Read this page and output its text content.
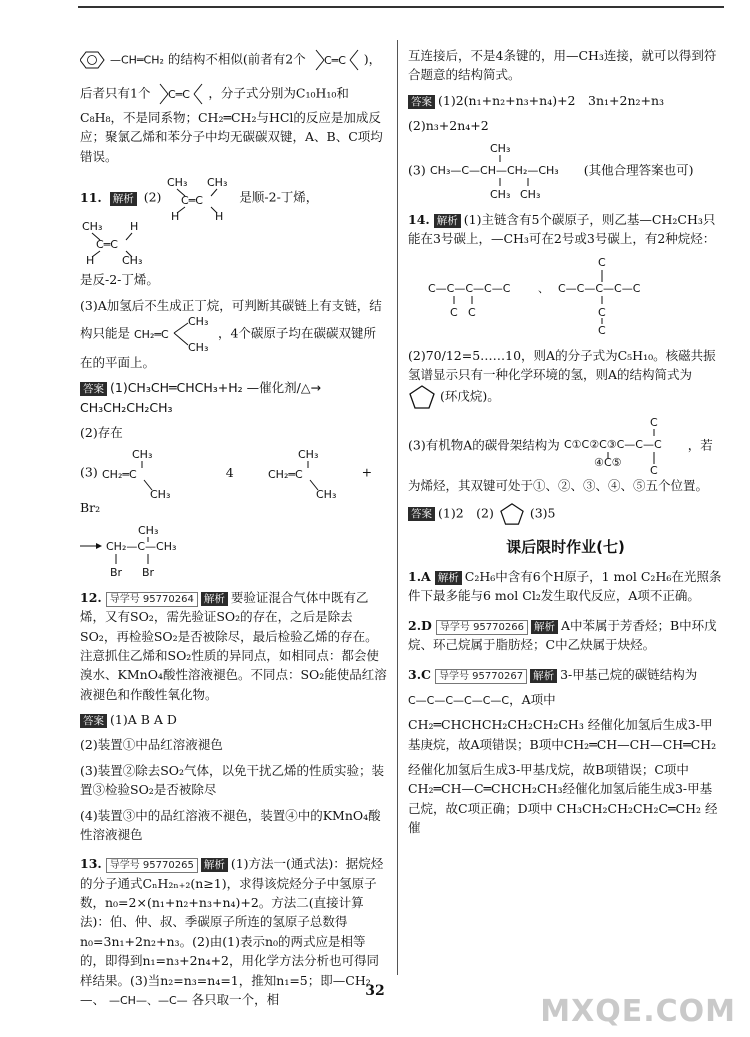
—CH═CH₂ 的结构不相似(前者有2个 C═C )，

后者只有1个 C═C ，分子式分别为C₁₀H₁₀和C₈H₈，不是同系物；CH₂═CH₂与HCl的反应是加成反应；聚氯乙烯和苯分子中均无碳碳双键，A、B、C项均错误。

11. 解析 (2)
CH₃ CH₃
C═C
H	H
是顺-2-丁烯，
CH₃	H
C═C
H	CH₃

是反-2-丁烯。

(3)A加氢后不生成正丁烷，可判断其碳链上有支链，结构只能是 CH₂═C
CH₃
CH₃
，4个碳原子均在碳碳双键所在的平面上。

答案 (1)CH₃CH═CHCH₃+H₂ —催化剂/△→ CH₃CH₂CH₂CH₃

(2)存在

(3)
CH₃
CH₂═C
CH₃
4
CH₃
CH₂═C
CH₃
+ Br₂

CH₃
CH₂—C—CH₃
Br Br

12. 导学号 95770264 解析 要验证混合气体中既有乙烯，又有SO₂，需先验证SO₂的存在，之后是除去SO₂，再检验SO₂是否被除尽，最后检验乙烯的存在。注意抓住乙烯和SO₂性质的异同点，如相同点：都会使溴水、KMnO₄酸性溶液褪色。不同点：SO₂能使品红溶液褪色和作酸性氧化物。

答案 (1)A B A D

(2)装置①中品红溶液褪色

(3)装置②除去SO₂气体，以免干扰乙烯的性质实验；装置③检验SO₂是否被除尽

(4)装置③中的品红溶液不褪色，装置④中的KMnO₄酸性溶液褪色

13. 导学号 95770265 解析 (1)方法一(通式法)：据烷烃的分子通式CₙH₂ₙ₊₂(n≥1)，求得该烷烃分子中氢原子数，n₀=2×(n₁+n₂+n₃+n₄)+2。方法二(直接计算法)：伯、仲、叔、季碳原子所连的氢原子总数得n₀=3n₁+2n₂+n₃。(2)由(1)表示n₀的两式应是相等的，即得到n₁=n₃+2n₄+2，用化学方法分析也可得同样结果。(3)当n₂=n₃=n₄=1，推知n₁=5；即—CH₂—、 —CH—、—C— 各只取一个，相

互连接后，不是4条键的，用—CH₃连接，就可以得到符合题意的结构简式。

答案 (1)2(n₁+n₂+n₃+n₄)+2　3n₁+2n₂+n₃

(2)n₃+2n₄+2

(3)
CH₃
CH₃—C—CH—CH₂—CH₃
CH₃ CH₃
(其他合理答案也可)

14. 解析 (1)主链含有5个碳原子，则乙基—CH₂CH₃只能在3号碳上，—CH₃可在2号或3号碳上，有2种烷烃：

C—C—C—C—C
C C
、 C—C—C—C—C
C
C
C

(2)70/12=5……10，则A的分子式为C₅H₁₀。核磁共振氢谱显示只有一种化学环境的氢，则A的结构简式为  (环戊烷)。

(3)有机物A的碳骨架结构为
C
C①C②C③C—C—C
④ C⑤
C
，若为烯烃，其双键可处于①、②、③、④、⑤五个位置。

答案 (1)2　(2)	(3)5

课后限时作业(七)

1.A 解析 C₂H₆中含有6个H原子，1 mol C₂H₆在光照条件下最多能与6 mol Cl₂发生取代反应，A项不正确。

2.D 导学号 95770266 解析 A中苯属于芳香烃；B中环戊烷、环己烷属于脂肪烃；C中乙炔属于炔烃。

3.C 导学号 95770267 解析 3-甲基己烷的碳链结构为

C—C—C—C—C—C，A项中

CH₂═CHCHCH₂CH₂CH₂CH₃ 经催化加氢后生成3-甲基庚烷，故A项错误；B项中CH₂═CH—CH—CH═CH₂

经催化加氢后生成3-甲基戊烷，故B项错误；C项中CH₂═CH—C═CHCH₂CH₃经催化加氢后能生成3-甲基己烷，故C项正确；D项中 CH₃CH₂CH₂CH₂C═CH₂ 经催

32
MXQE.COM
